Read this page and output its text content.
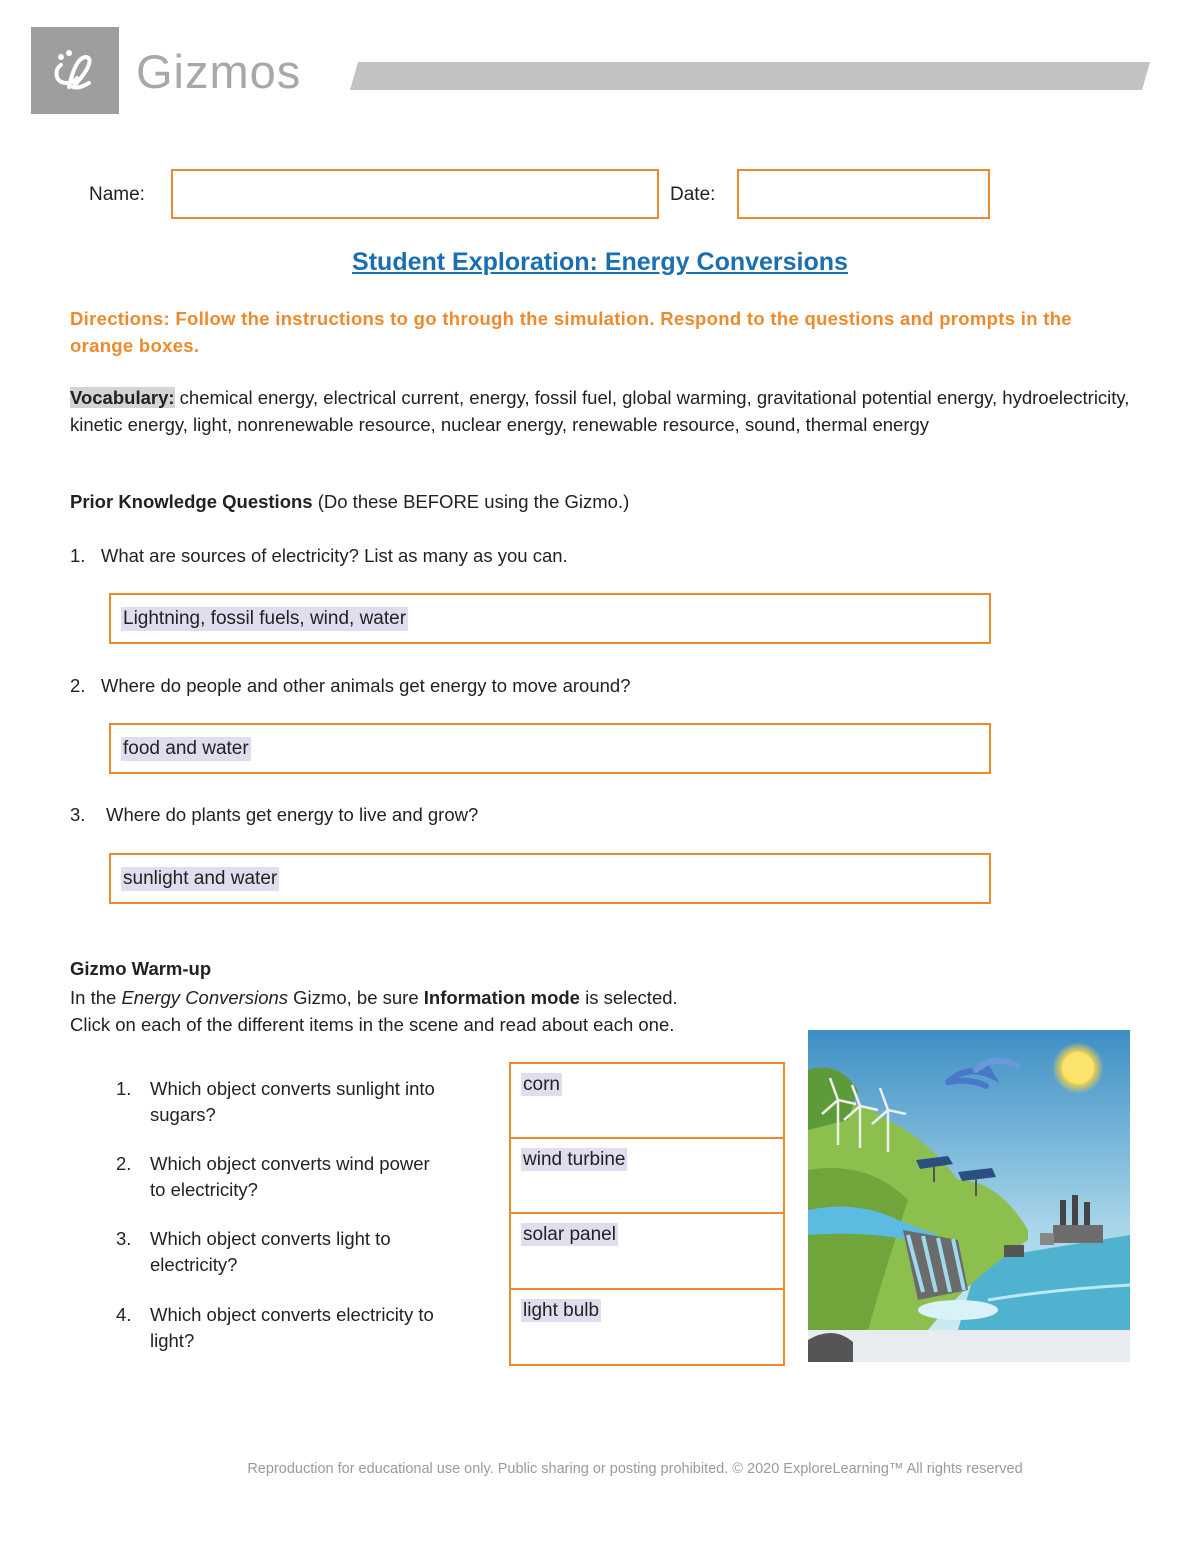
Gizmos
Name:	Date:
Student Exploration: Energy Conversions
Directions: Follow the instructions to go through the simulation. Respond to the questions and prompts in the orange boxes.
Vocabulary: chemical energy, electrical current, energy, fossil fuel, global warming, gravitational potential energy, hydroelectricity, kinetic energy, light, nonrenewable resource, nuclear energy, renewable resource, sound, thermal energy
Prior Knowledge Questions (Do these BEFORE using the Gizmo.)
1. What are sources of electricity? List as many as you can.
Lightning, fossil fuels, wind, water
2. Where do people and other animals get energy to move around?
food and water
3. Where do plants get energy to live and grow?
sunlight and water
Gizmo Warm-up
In the Energy Conversions Gizmo, be sure Information mode is selected.
Click on each of the different items in the scene and read about each one.
1. Which object converts sunlight into
sugars?
2. Which object converts wind power
to electricity?
3. Which object converts light to
electricity?
4. Which object converts electricity to
light?
corn
wind turbine
solar panel
light bulb
Reproduction for educational use only. Public sharing or posting prohibited. © 2020 ExploreLearning™ All rights reserved
